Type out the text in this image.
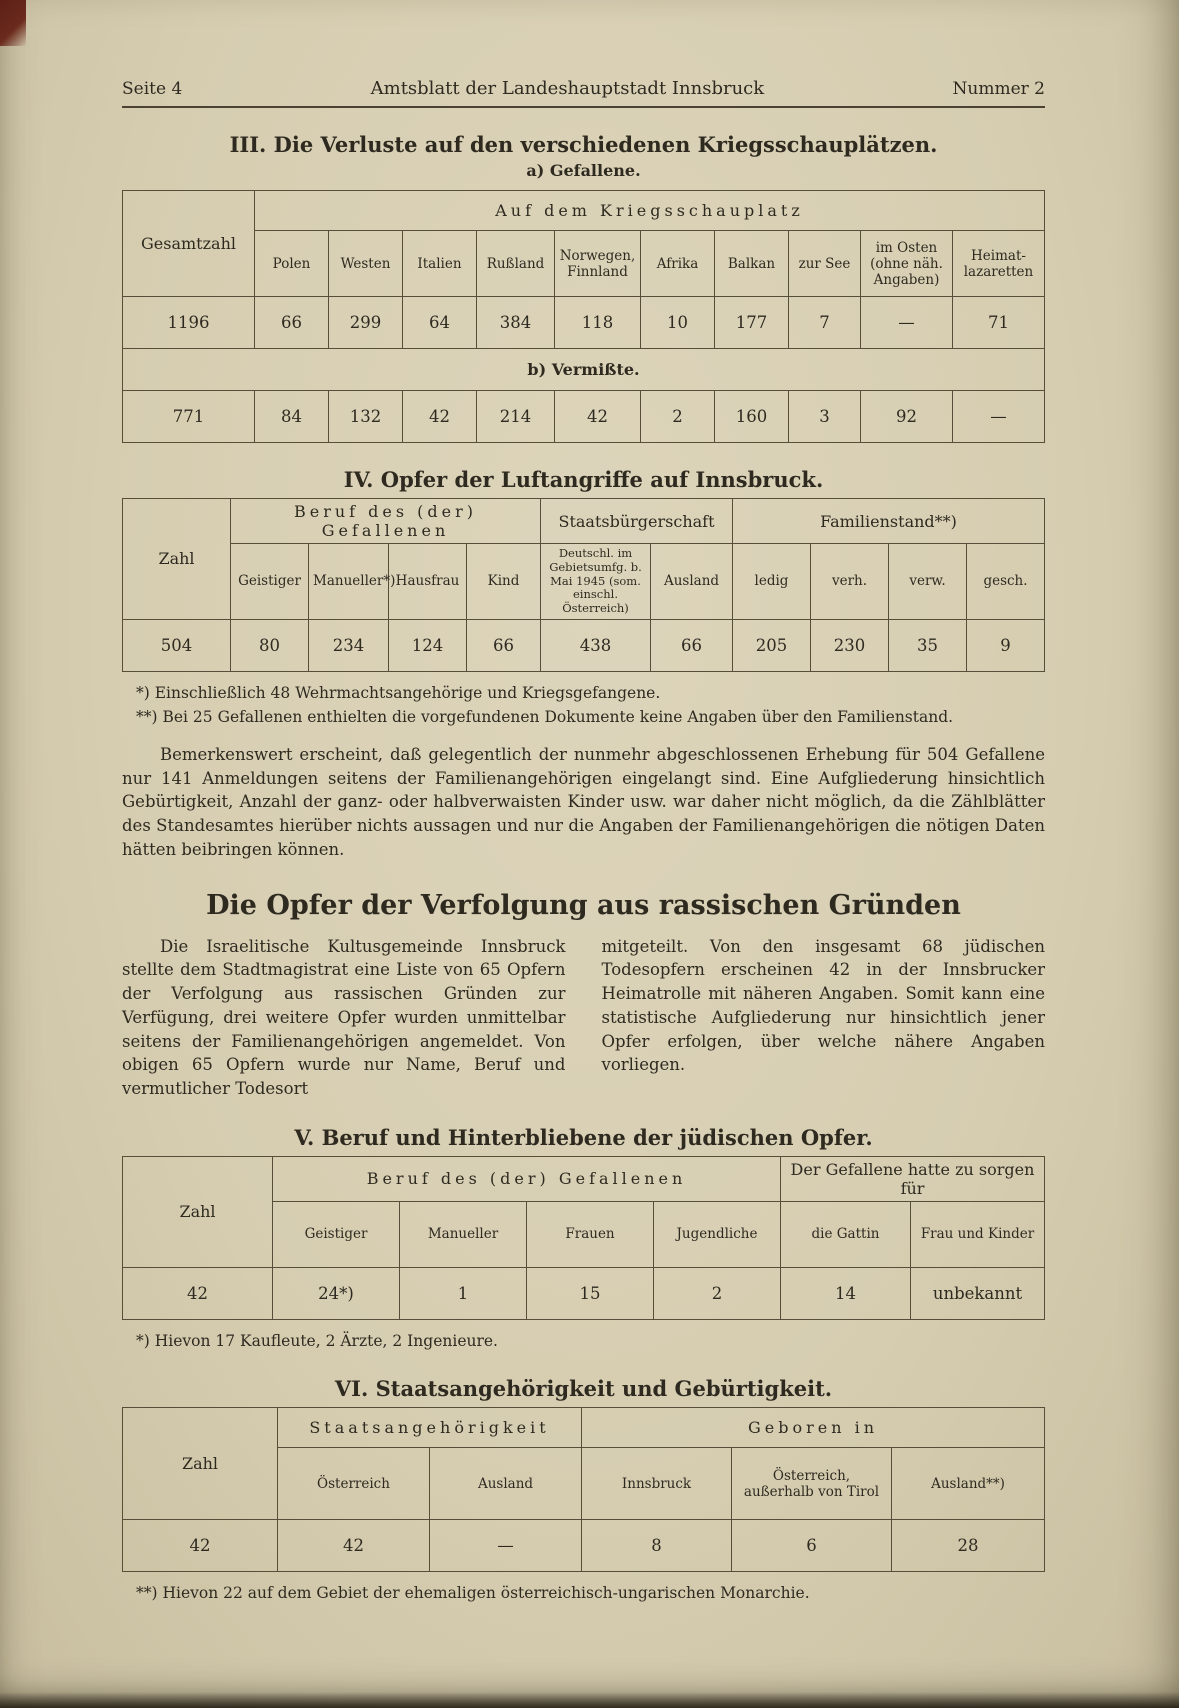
Seite 4	Amtsblatt der Landeshauptstadt Innsbruck	Nummer 2
III. Die Verluste auf den verschiedenen Kriegsschauplätzen.
a) Gefallene.
Gesamtzahl	Auf dem Kriegsschauplatz									
	Polen	Westen	Italien	Rußland	Norwegen, Finnland	Afrika	Balkan	zur See	im Osten (ohne näh. Angaben)	Heimatlazaretten
1196	66	299	64	384	118	10	177	7	—	71
b) Vermißte.										
771	84	132	42	214	42	2	160	3	92	—
IV. Opfer der Luftangriffe auf Innsbruck.
Zahl	Beruf des (der) Gefallenen				Staatsbürgerschaft		Familienstand**)			
	Geistiger	Manueller*)	Hausfrau	Kind	Deutschl. im Gebietsumfg. b. Mai 1945 (som. einschl. Österreich)	Ausland	ledig	verh.	verw.	gesch.
504	80	234	124	66	438	66	205	230	35	9
*) Einschließlich 48 Wehrmachtsangehörige und Kriegsgefangene.
**) Bei 25 Gefallenen enthielten die vorgefundenen Dokumente keine Angaben über den Familienstand.

Bemerkenswert erscheint, daß gelegentlich der nunmehr abgeschlossenen Erhebung für 504 Gefallene nur 141 Anmeldungen seitens der Familienangehörigen eingelangt sind. Eine Aufgliederung hinsichtlich Gebürtigkeit, Anzahl der ganz- oder halbverwaisten Kinder usw. war daher nicht möglich, da die Zählblätter des Standesamtes hierüber nichts aussagen und nur die Angaben der Familienangehörigen die nötigen Daten hätten beibringen können.

Die Opfer der Verfolgung aus rassischen Gründen
Die Israelitische Kultusgemeinde Innsbruck stellte dem Stadtmagistrat eine Liste von 65 Opfern der Verfolgung aus rassischen Gründen zur Verfügung, drei weitere Opfer wurden unmittelbar seitens der Familienangehörigen angemeldet. Von obigen 65 Opfern wurde nur Name, Beruf und vermutlicher Todesort
mitgeteilt. Von den insgesamt 68 jüdischen Todesopfern erscheinen 42 in der Innsbrucker Heimatrolle mit näheren Angaben. Somit kann eine statistische Aufgliederung nur hinsichtlich jener Opfer erfolgen, über welche nähere Angaben vorliegen.
V. Beruf und Hinterbliebene der jüdischen Opfer.
Zahl	Beruf des (der) Gefallenen				Der Gefallene hatte zu sorgen für	
	Geistiger	Manueller	Frauen	Jugendliche	die Gattin	Frau und Kinder
42	24*)	1	15	2	14	unbekannt
*) Hievon 17 Kaufleute, 2 Ärzte, 2 Ingenieure.
VI. Staatsangehörigkeit und Gebürtigkeit.
Zahl	Staatsangehörigkeit		Geboren in		
	Österreich	Ausland	Innsbruck	Österreich, außerhalb von Tirol	Ausland**)
42	42	—	8	6	28
**) Hievon 22 auf dem Gebiet der ehemaligen österreichisch-ungarischen Monarchie.
